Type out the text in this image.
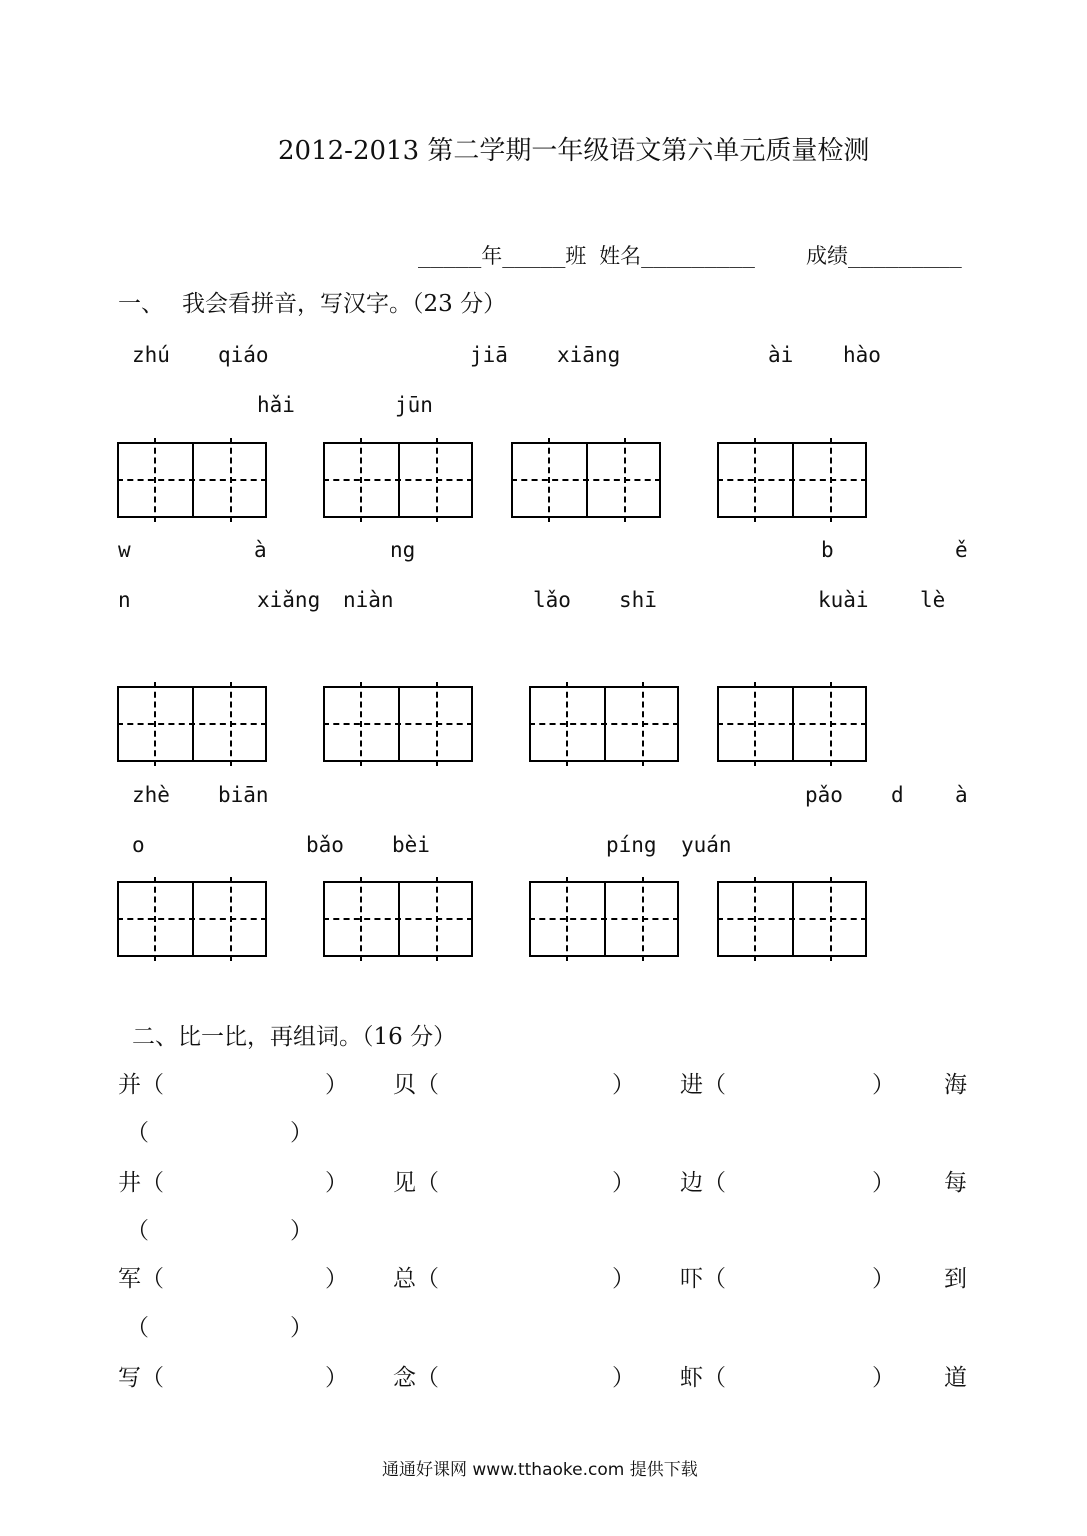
2012-2013 第二学期一年级语文第六单元质量检测
_____年_____班 姓名_________ 成绩_________
一、 我会看拼音，写汉字。（23 分）
zhú qiáo	jiā xiāng	ài hào
hǎi	jūn
w	à	ng	b	ě
n	xiǎng niàn	lǎo shī	kuài lè
zhè biān	pǎo d à
o	bǎo bèi	píng yuán
二、比一比，再组词。（16 分）
并（	） 贝（	） 进（	） 海
（	）
井（	） 见（	） 边（	） 每
（	）
军（	） 总（	） 吓（	） 到
（	）
写（	） 念（	） 虾（	） 道
通通好课网 www.tthaoke.com 提供下载
